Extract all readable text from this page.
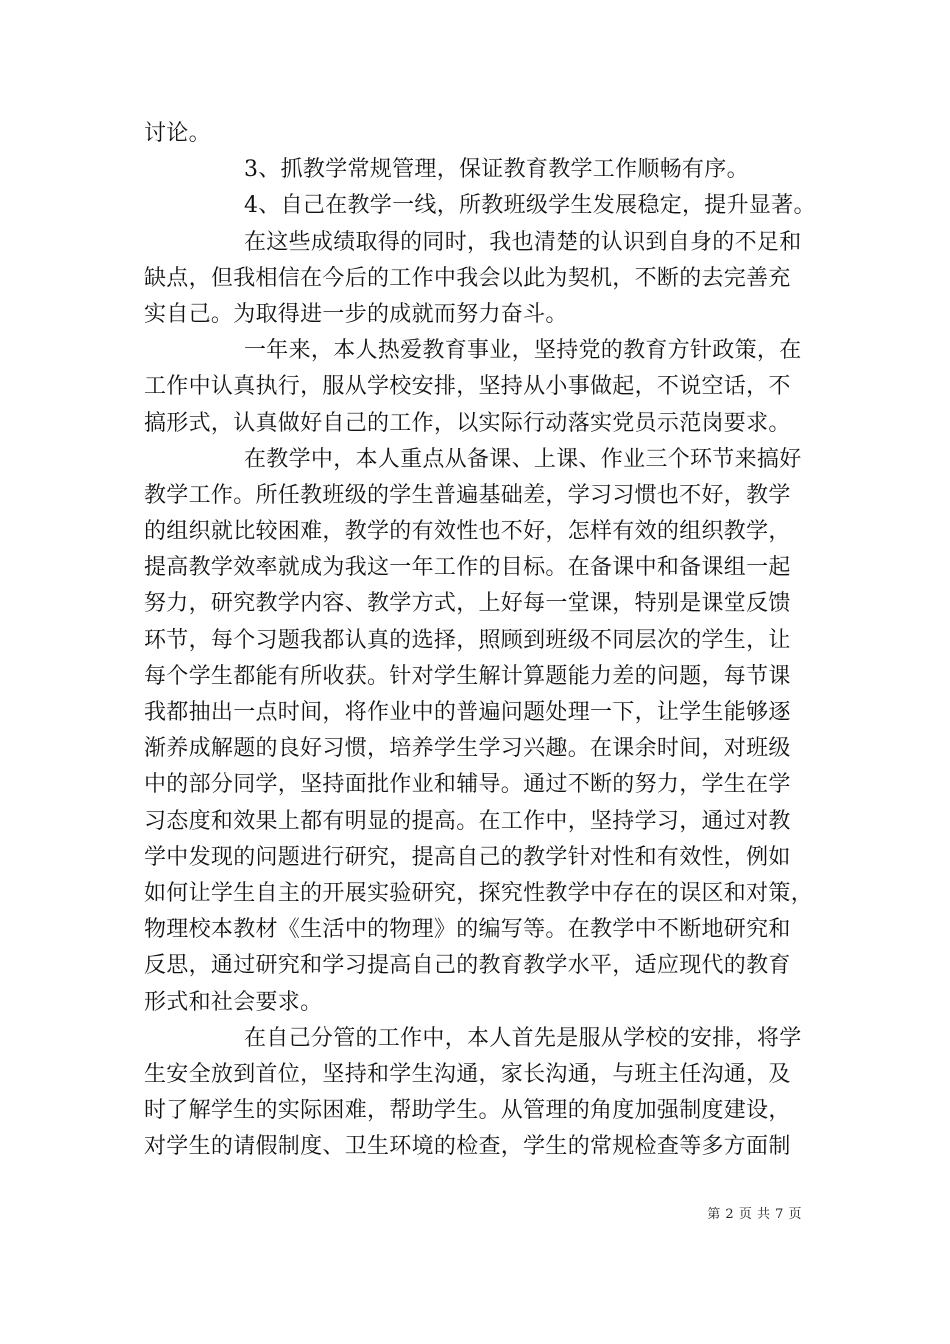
讨论。
3、抓教学常规管理，保证教育教学工作顺畅有序。
4、自己在教学一线，所教班级学生发展稳定，提升显著。
在这些成绩取得的同时，我也清楚的认识到自身的不足和
缺点，但我相信在今后的工作中我会以此为契机，不断的去完善充
实自己。为取得进一步的成就而努力奋斗。
一年来，本人热爱教育事业，坚持党的教育方针政策，在
工作中认真执行，服从学校安排，坚持从小事做起，不说空话，不
搞形式，认真做好自己的工作，以实际行动落实党员示范岗要求。
在教学中，本人重点从备课、上课、作业三个环节来搞好
教学工作。所任教班级的学生普遍基础差，学习习惯也不好，教学
的组织就比较困难，教学的有效性也不好，怎样有效的组织教学，
提高教学效率就成为我这一年工作的目标。在备课中和备课组一起
努力，研究教学内容、教学方式，上好每一堂课，特别是课堂反馈
环节，每个习题我都认真的选择，照顾到班级不同层次的学生，让
每个学生都能有所收获。针对学生解计算题能力差的问题，每节课
我都抽出一点时间，将作业中的普遍问题处理一下，让学生能够逐
渐养成解题的良好习惯，培养学生学习兴趣。在课余时间，对班级
中的部分同学，坚持面批作业和辅导。通过不断的努力，学生在学
习态度和效果上都有明显的提高。在工作中，坚持学习，通过对教
学中发现的问题进行研究，提高自己的教学针对性和有效性，例如
如何让学生自主的开展实验研究，探究性教学中存在的误区和对策，
物理校本教材《生活中的物理》的编写等。在教学中不断地研究和
反思，通过研究和学习提高自己的教育教学水平，适应现代的教育
形式和社会要求。
在自己分管的工作中，本人首先是服从学校的安排，将学
生安全放到首位，坚持和学生沟通，家长沟通，与班主任沟通，及
时了解学生的实际困难，帮助学生。从管理的角度加强制度建设，
对学生的请假制度、卫生环境的检查，学生的常规检查等多方面制
第 2 页 共 7 页
